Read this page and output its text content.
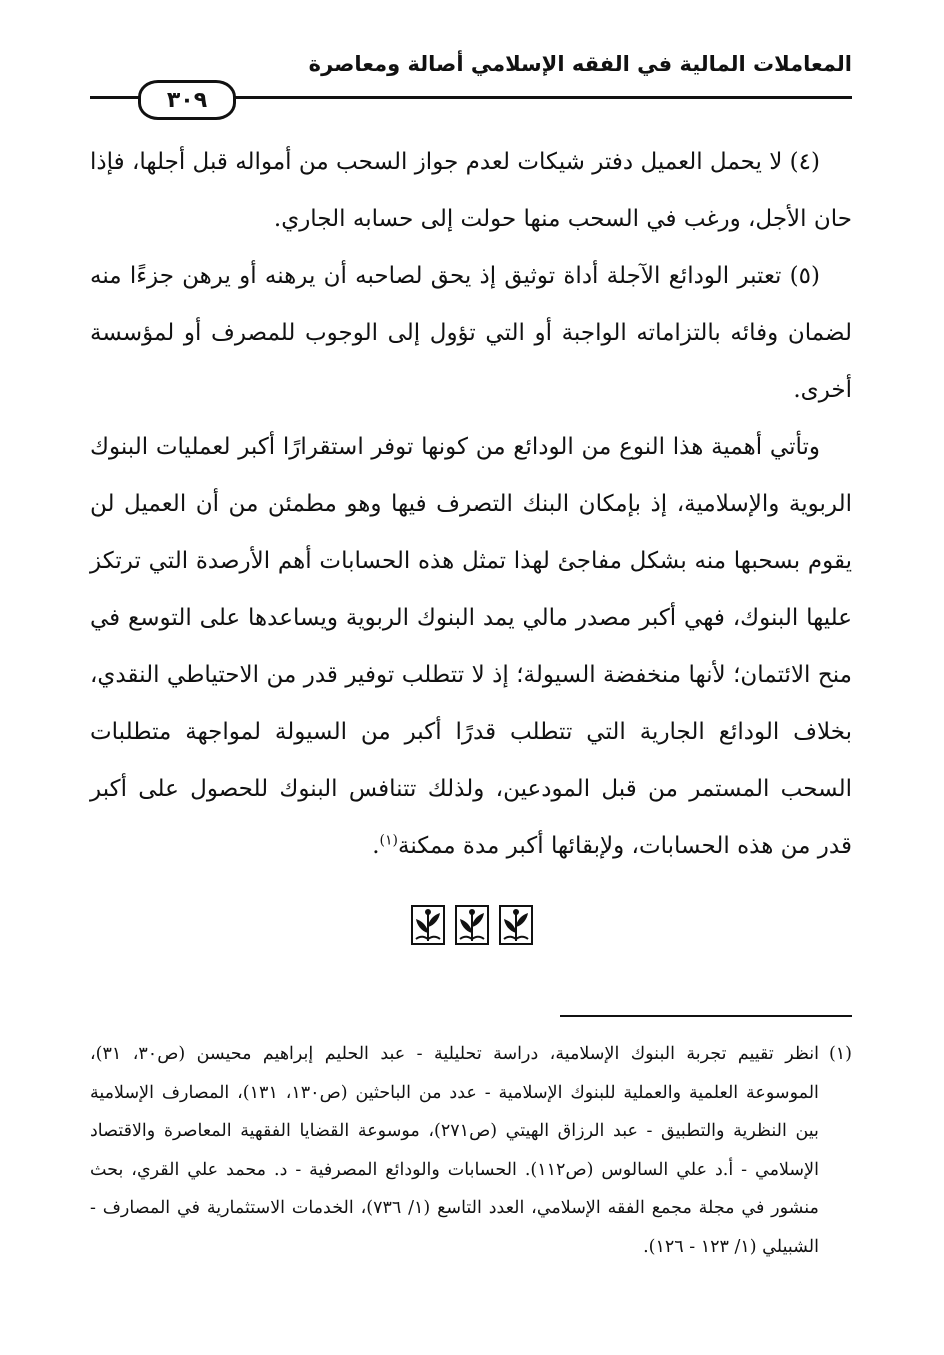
المعاملات المالية في الفقه الإسلامي أصالة ومعاصرة
٣٠٩

(٤) لا يحمل العميل دفتر شيكات لعدم جواز السحب من أمواله قبل أجلها، فإذا حان الأجل، ورغب في السحب منها حولت إلى حسابه الجاري.

(٥) تعتبر الودائع الآجلة أداة توثيق إذ يحق لصاحبه أن يرهنه أو يرهن جزءًا منه لضمان وفائه بالتزاماته الواجبة أو التي تؤول إلى الوجوب للمصرف أو لمؤسسة أخرى.

وتأتي أهمية هذا النوع من الودائع من كونها توفر استقرارًا أكبر لعمليات البنوك الربوية والإسلامية، إذ بإمكان البنك التصرف فيها وهو مطمئن من أن العميل لن يقوم بسحبها منه بشكل مفاجئ لهذا تمثل هذه الحسابات أهم الأرصدة التي ترتكز عليها البنوك، فهي أكبر مصدر مالي يمد البنوك الربوية ويساعدها على التوسع في منح الائتمان؛ لأنها منخفضة السيولة؛ إذ لا تتطلب توفير قدر من الاحتياطي النقدي، بخلاف الودائع الجارية التي تتطلب قدرًا أكبر من السيولة لمواجهة متطلبات السحب المستمر من قبل المودعين، ولذلك تتنافس البنوك للحصول على أكبر قدر من هذه الحسابات، ولإبقائها أكبر مدة ممكنة$^{(١)}$.

(١)
انظر تقييم تجربة البنوك الإسلامية، دراسة تحليلية - عبد الحليم إبراهيم محيسن (ص٣٠، ٣١)، الموسوعة العلمية والعملية للبنوك الإسلامية - عدد من الباحثين (ص١٣٠، ١٣١)، المصارف الإسلامية بين النظرية والتطبيق - عبد الرزاق الهيتي (ص٢٧١)، موسوعة القضايا الفقهية المعاصرة والاقتصاد الإسلامي - أ.د علي السالوس (ص١١٢). الحسابات والودائع المصرفية - د. محمد علي القري، بحث منشور في مجلة مجمع الفقه الإسلامي، العدد التاسع (١/ ٧٣٦)، الخدمات الاستثمارية في المصارف - الشبيلي (١/ ١٢٣ - ١٢٦).
